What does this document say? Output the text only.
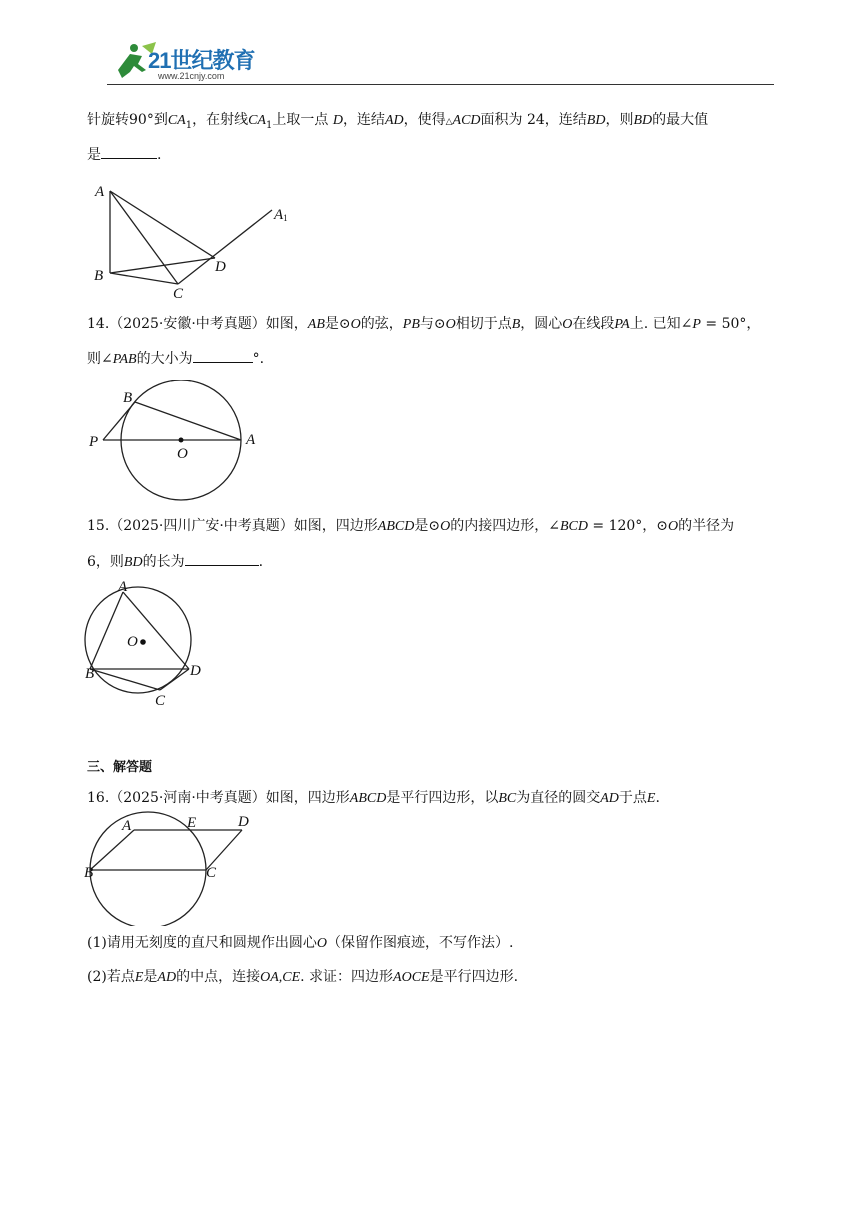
21世纪教育
www.21cnjy.com
针旋转90°到$CA_1$，在射线$CA_1$上取一点 D，连结AD，使得△ACD面积为 24，连结BD，则BD的最大值
是	.
A
A1
B
C
D
14.（2025·安徽·中考真题）如图，AB是⊙O的弦，PB与⊙O相切于点B，圆心O在线段PA上. 已知∠P = 50°，
则∠PAB的大小为	°.
B
P
O
A
15.（2025·四川广安·中考真题）如图，四边形ABCD是⊙O的内接四边形，∠BCD = 120°，⊙O的半径为
6，则BD的长为	.
A
O
B	D
C
三、解答题
16.（2025·河南·中考真题）如图，四边形ABCD是平行四边形，以BC为直径的圆交AD于点E.
A	E	D
B	C
(1)请用无刻度的直尺和圆规作出圆心O（保留作图痕迹，不写作法）.
(2)若点E是AD的中点，连接OA,CE. 求证：四边形AOCE是平行四边形.
